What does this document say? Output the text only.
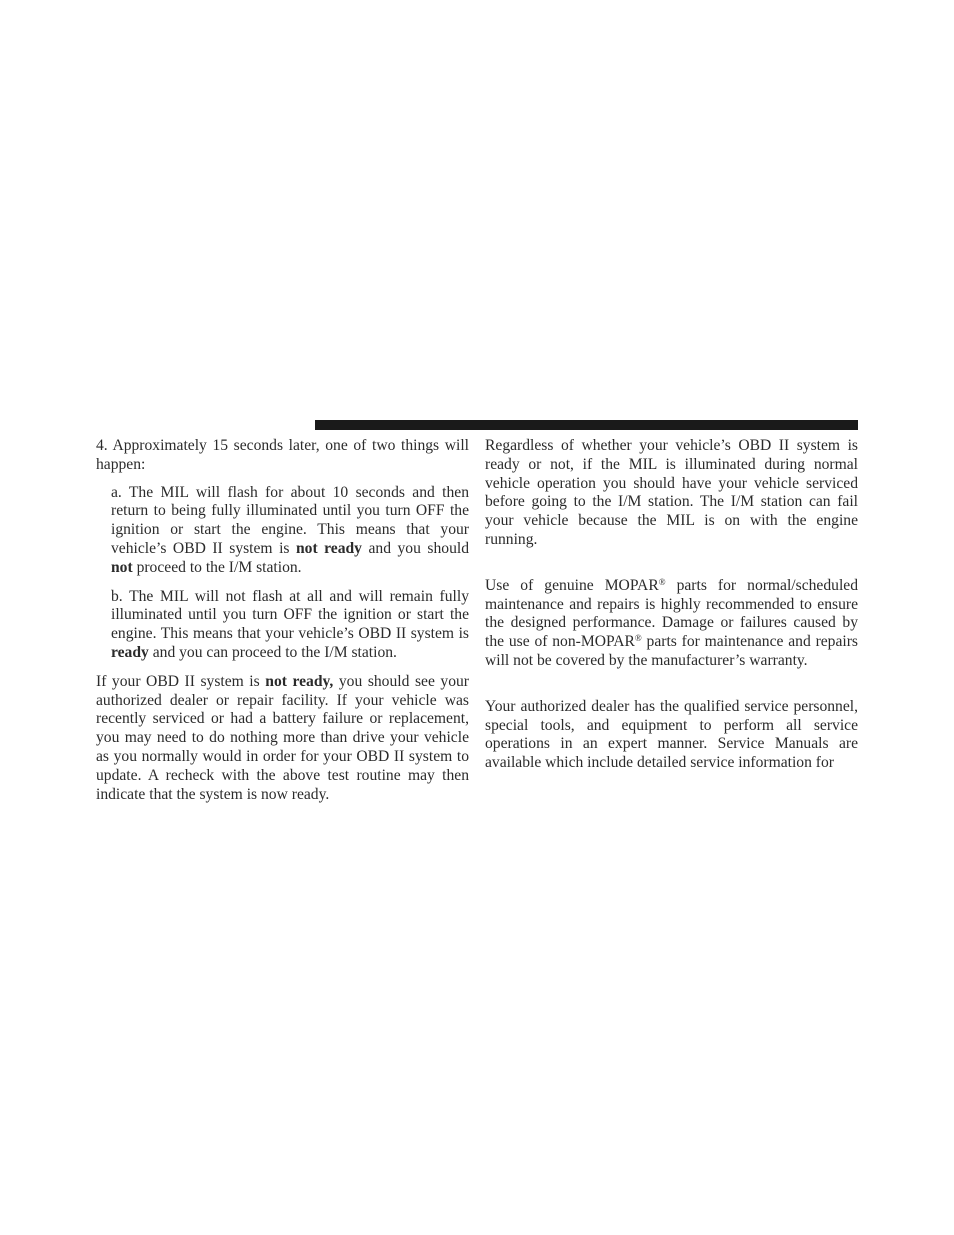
4. Approximately 15 seconds later, one of two things will happen:

a. The MIL will flash for about 10 seconds and then return to being fully illuminated until you turn OFF the ignition or start the engine. This means that your vehicle’s OBD II system is not ready and you should not proceed to the I/M station.

b. The MIL will not flash at all and will remain fully illuminated until you turn OFF the ignition or start the engine. This means that your vehicle’s OBD II system is ready and you can proceed to the I/M station.

If your OBD II system is not ready, you should see your authorized dealer or repair facility. If your vehicle was recently serviced or had a battery failure or replacement, you may need to do nothing more than drive your vehicle as you normally would in order for your OBD II system to update. A recheck with the above test routine may then indicate that the system is now ready.

Regardless of whether your vehicle’s OBD II system is ready or not, if the MIL is illuminated during normal vehicle operation you should have your vehicle serviced before going to the I/M station. The I/M station can fail your vehicle because the MIL is on with the engine running.

Use of genuine MOPAR® parts for normal/scheduled maintenance and repairs is highly recommended to ensure the designed performance. Damage or failures caused by the use of non-MOPAR® parts for maintenance and repairs will not be covered by the manufacturer’s warranty.

Your authorized dealer has the qualified service personnel, special tools, and equipment to perform all service operations in an expert manner. Service Manuals are available which include detailed service information for
